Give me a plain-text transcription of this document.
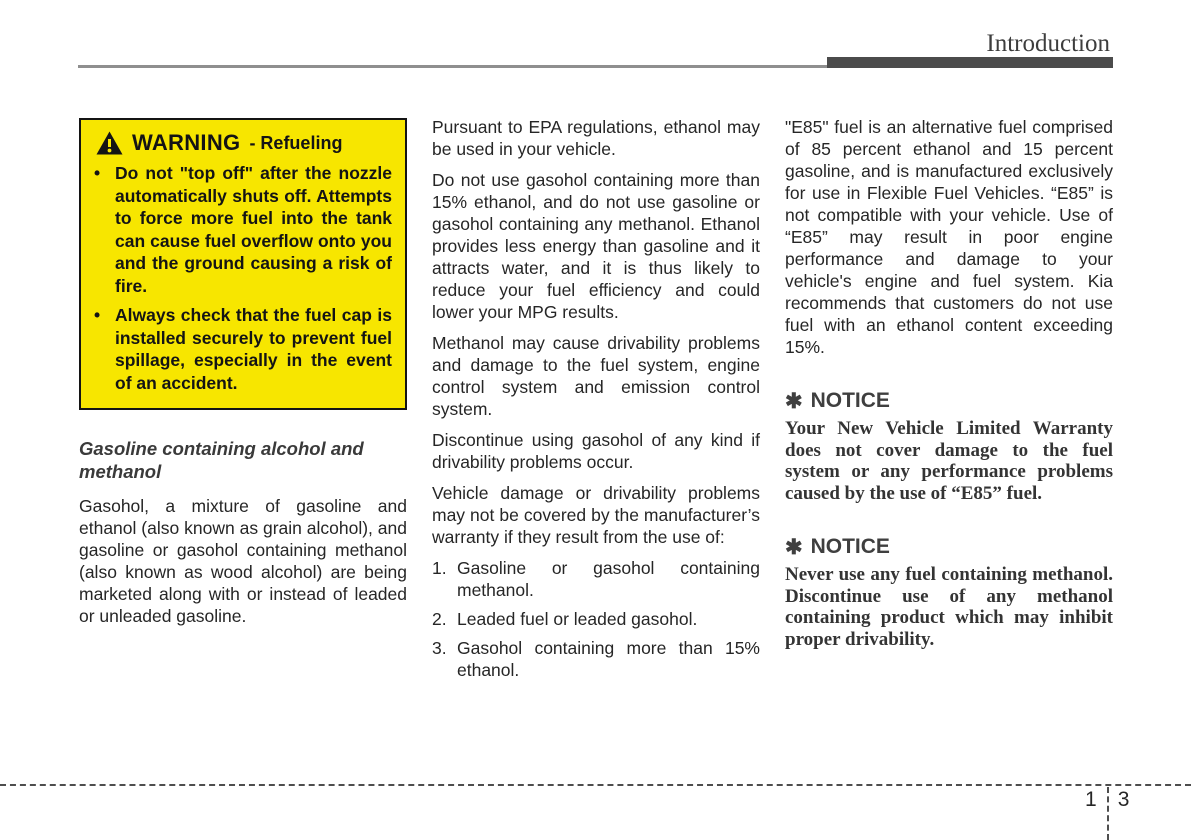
Introduction
WARNING - Refueling
• Do not "top off" after the nozzle automatically shuts off. Attempts to force more fuel into the tank can cause fuel overflow onto you and the ground causing a risk of fire.
• Always check that the fuel cap is installed securely to prevent fuel spillage, especially in the event of an accident.
Gasoline containing alcohol and methanol

Gasohol, a mixture of gasoline and ethanol (also known as grain alcohol), and gasoline or gasohol containing methanol (also known as wood alcohol) are being marketed along with or instead of leaded or unleaded gasoline.

Pursuant to EPA regulations, ethanol may be used in your vehicle.

Do not use gasohol containing more than 15% ethanol, and do not use gasoline or gasohol containing any methanol. Ethanol provides less energy than gasoline and it attracts water, and it is thus likely to reduce your fuel efficiency and could lower your MPG results.

Methanol may cause drivability problems and damage to the fuel system, engine control system and emission control system.

Discontinue using gasohol of any kind if drivability problems occur.

Vehicle damage or drivability problems may not be covered by the manufacturer’s warranty if they result from the use of:

1. Gasoline or gasohol containing methanol.
2. Leaded fuel or leaded gasohol.
3. Gasohol containing more than 15% ethanol.

"E85" fuel is an alternative fuel comprised of 85 percent ethanol and 15 percent gasoline, and is manufactured exclusively for use in Flexible Fuel Vehicles. “E85” is not compatible with your vehicle. Use of “E85” may result in poor engine performance and damage to your vehicle's engine and fuel system. Kia recommends that customers do not use fuel with an ethanol content exceeding 15%.

✱ NOTICE
Your New Vehicle Limited Warranty does not cover damage to the fuel system or any performance problems caused by the use of “E85” fuel.
✱ NOTICE
Never use any fuel containing methanol. Discontinue use of any methanol containing product which may inhibit proper drivability.
1 3
